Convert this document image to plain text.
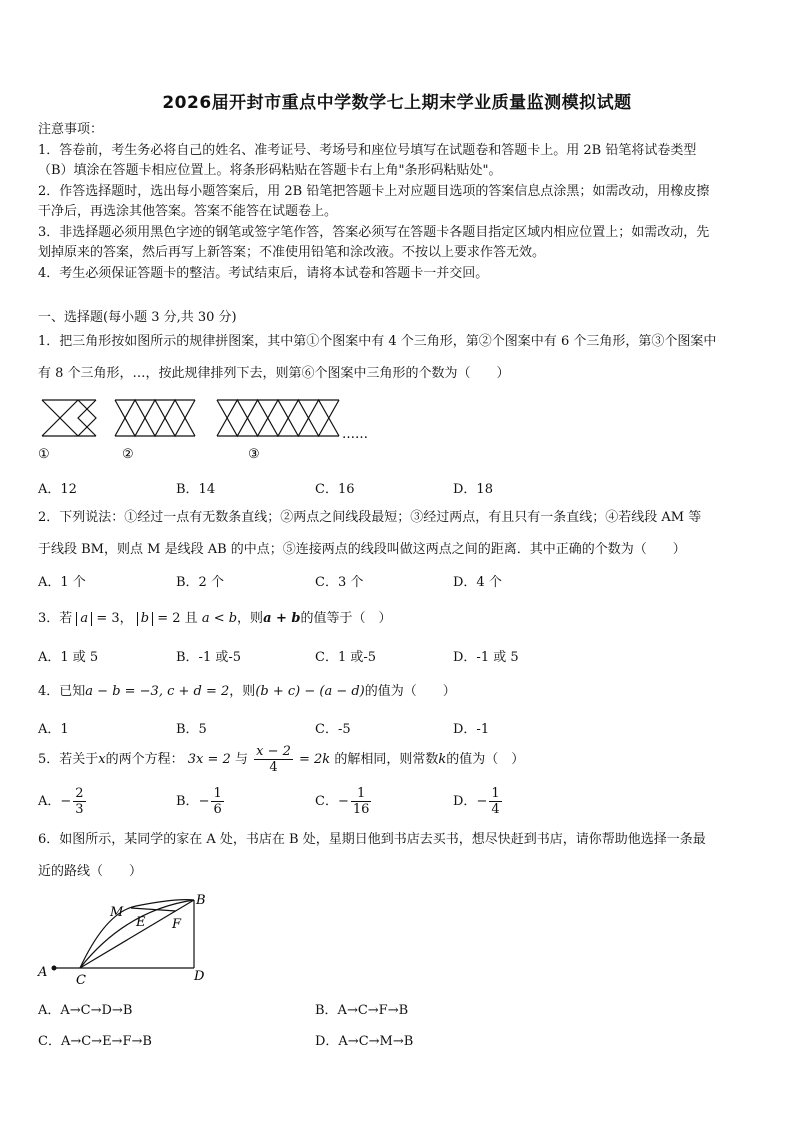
2026届开封市重点中学数学七上期末学业质量监测模拟试题
注意事项：
1．答卷前，考生务必将自己的姓名、准考证号、考场号和座位号填写在试题卷和答题卡上。用 2B 铅笔将试卷类型
（B）填涂在答题卡相应位置上。将条形码粘贴在答题卡右上角"条形码粘贴处"。
2．作答选择题时，选出每小题答案后，用 2B 铅笔把答题卡上对应题目选项的答案信息点涂黑；如需改动，用橡皮擦
干净后，再选涂其他答案。答案不能答在试题卷上。
3．非选择题必须用黑色字迹的钢笔或签字笔作答，答案必须写在答题卡各题目指定区域内相应位置上；如需改动，先
划掉原来的答案，然后再写上新答案；不准使用铅笔和涂改液。不按以上要求作答无效。
4．考生必须保证答题卡的整洁。考试结束后，请将本试卷和答题卡一并交回。
一、选择题(每小题 3 分,共 30 分)
1．把三角形按如图所示的规律拼图案，其中第①个图案中有 4 个三角形，第②个图案中有 6 个三角形，第③个图案中
有 8 个三角形，…，按此规律排列下去，则第⑥个图案中三角形的个数为（　　）
……
①	②	③
A．12	B．14	C．16	D．18
2．下列说法：①经过一点有无数条直线；②两点之间线段最短；③经过两点，有且只有一条直线；④若线段 AM 等
于线段 BM，则点 M 是线段 AB 的中点；⑤连接两点的线段叫做这两点之间的距离．其中正确的个数为（　　）
A．1 个	B．2 个	C．3 个	D．4 个
3．若 a = 3， b = 2 且 a < b，则a + b的值等于（　）
A．1 或 5	B．-1 或-5	C．1 或-5	D．-1 或 5
4．已知a − b = −3, c + d = 2，则(b + c) − (a − d)的值为（　　）
A．1	B．5	C．-5	D．-1
5．若关于x的两个方程： 3x = 2 与 $\frac{x - 2}{4} = 2k$ 的解相同，则常数k的值为（　）
A．− $\frac{2}{3}$	B．− $\frac{1}{6}$	C．− $\frac{1}{16}$	D．− $\frac{1}{4}$
6．如图所示，某同学的家在 A 处，书店在 B 处，星期日他到书店去买书，想尽快赶到书店，请你帮助他选择一条最
近的路线（　　）
A
B
C	D
E F
M
A．A→C→D→B	B．A→C→F→B
C．A→C→E→F→B	D．A→C→M→B
